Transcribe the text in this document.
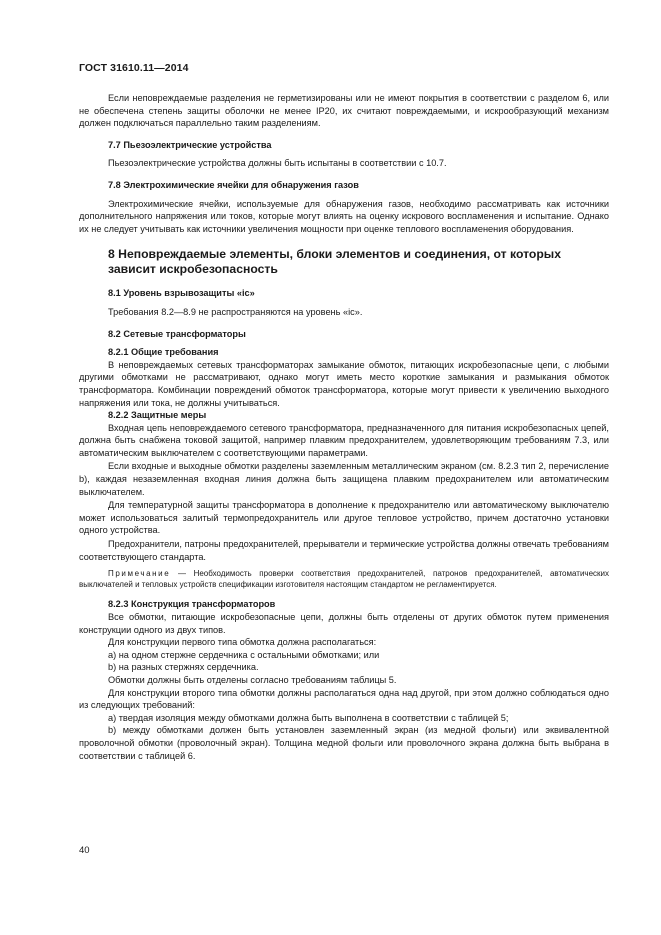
ГОСТ 31610.11—2014

Если неповреждаемые разделения не герметизированы или не имеют покрытия в соответствии с разделом 6, или не обеспечена степень защиты оболочки не менее IP20, их считают повреждаемыми, и искрообразующий механизм должен подключаться параллельно таким разделениям.

7.7 Пьезоэлектрические устройства

Пьезоэлектрические устройства должны быть испытаны в соответствии с 10.7.

7.8 Электрохимические ячейки для обнаружения газов

Электрохимические ячейки, используемые для обнаружения газов, необходимо рассматривать как источники дополнительного напряжения или токов, которые могут влиять на оценку искрового воспламенения и испытание. Однако их не следует учитывать как источники увеличения мощности при оценке теплового воспламенения оборудования.

8 Неповреждаемые элементы, блоки элементов и соединения, от которых зависит искробезопасность

8.1 Уровень взрывозащиты «ic»

Требования 8.2—8.9 не распространяются на уровень «ic».

8.2 Сетевые трансформаторы

8.2.1 Общие требования

В неповреждаемых сетевых трансформаторах замыкание обмоток, питающих искробезопасные цепи, с любыми другими обмотками не рассматривают, однако могут иметь место короткие замыкания и размыкания обмоток трансформатора. Комбинации повреждений обмоток трансформатора, которые могут привести к увеличению выходного напряжения или тока, не должны учитываться.

8.2.2 Защитные меры

Входная цепь неповреждаемого сетевого трансформатора, предназначенного для питания искробезопасных цепей, должна быть снабжена токовой защитой, например плавким предохранителем, удовлетворяющим требованиям 7.3, или автоматическим выключателем с соответствующими параметрами.

Если входные и выходные обмотки разделены заземленным металлическим экраном (см. 8.2.3 тип 2, перечисление b), каждая незаземленная входная линия должна быть защищена плавким предохранителем или автоматическим выключателем.

Для температурной защиты трансформатора в дополнение к предохранителю или автоматическому выключателю может использоваться залитый термопредохранитель или другое тепловое устройство, причем достаточно установки одного устройства.

Предохранители, патроны предохранителей, прерыватели и термические устройства должны отвечать требованиям соответствующего стандарта.

Примечание — Необходимость проверки соответствия предохранителей, патронов предохранителей, автоматических выключателей и тепловых устройств спецификации изготовителя настоящим стандартом не регламентируется.

8.2.3 Конструкция трансформаторов

Все обмотки, питающие искробезопасные цепи, должны быть отделены от других обмоток путем применения конструкции одного из двух типов.

Для конструкции первого типа обмотка должна располагаться:

а) на одном стержне сердечника с остальными обмотками; или

b) на разных стержнях сердечника.

Обмотки должны быть отделены согласно требованиям таблицы 5.

Для конструкции второго типа обмотки должны располагаться одна над другой, при этом должно соблюдаться одно из следующих требований:

а) твердая изоляция между обмотками должна быть выполнена в соответствии с таблицей 5;

b) между обмотками должен быть установлен заземленный экран (из медной фольги) или эквивалентной проволочной обмотки (проволочный экран). Толщина медной фольги или проволочного экрана должна быть выбрана в соответствии с таблицей 6.

40
